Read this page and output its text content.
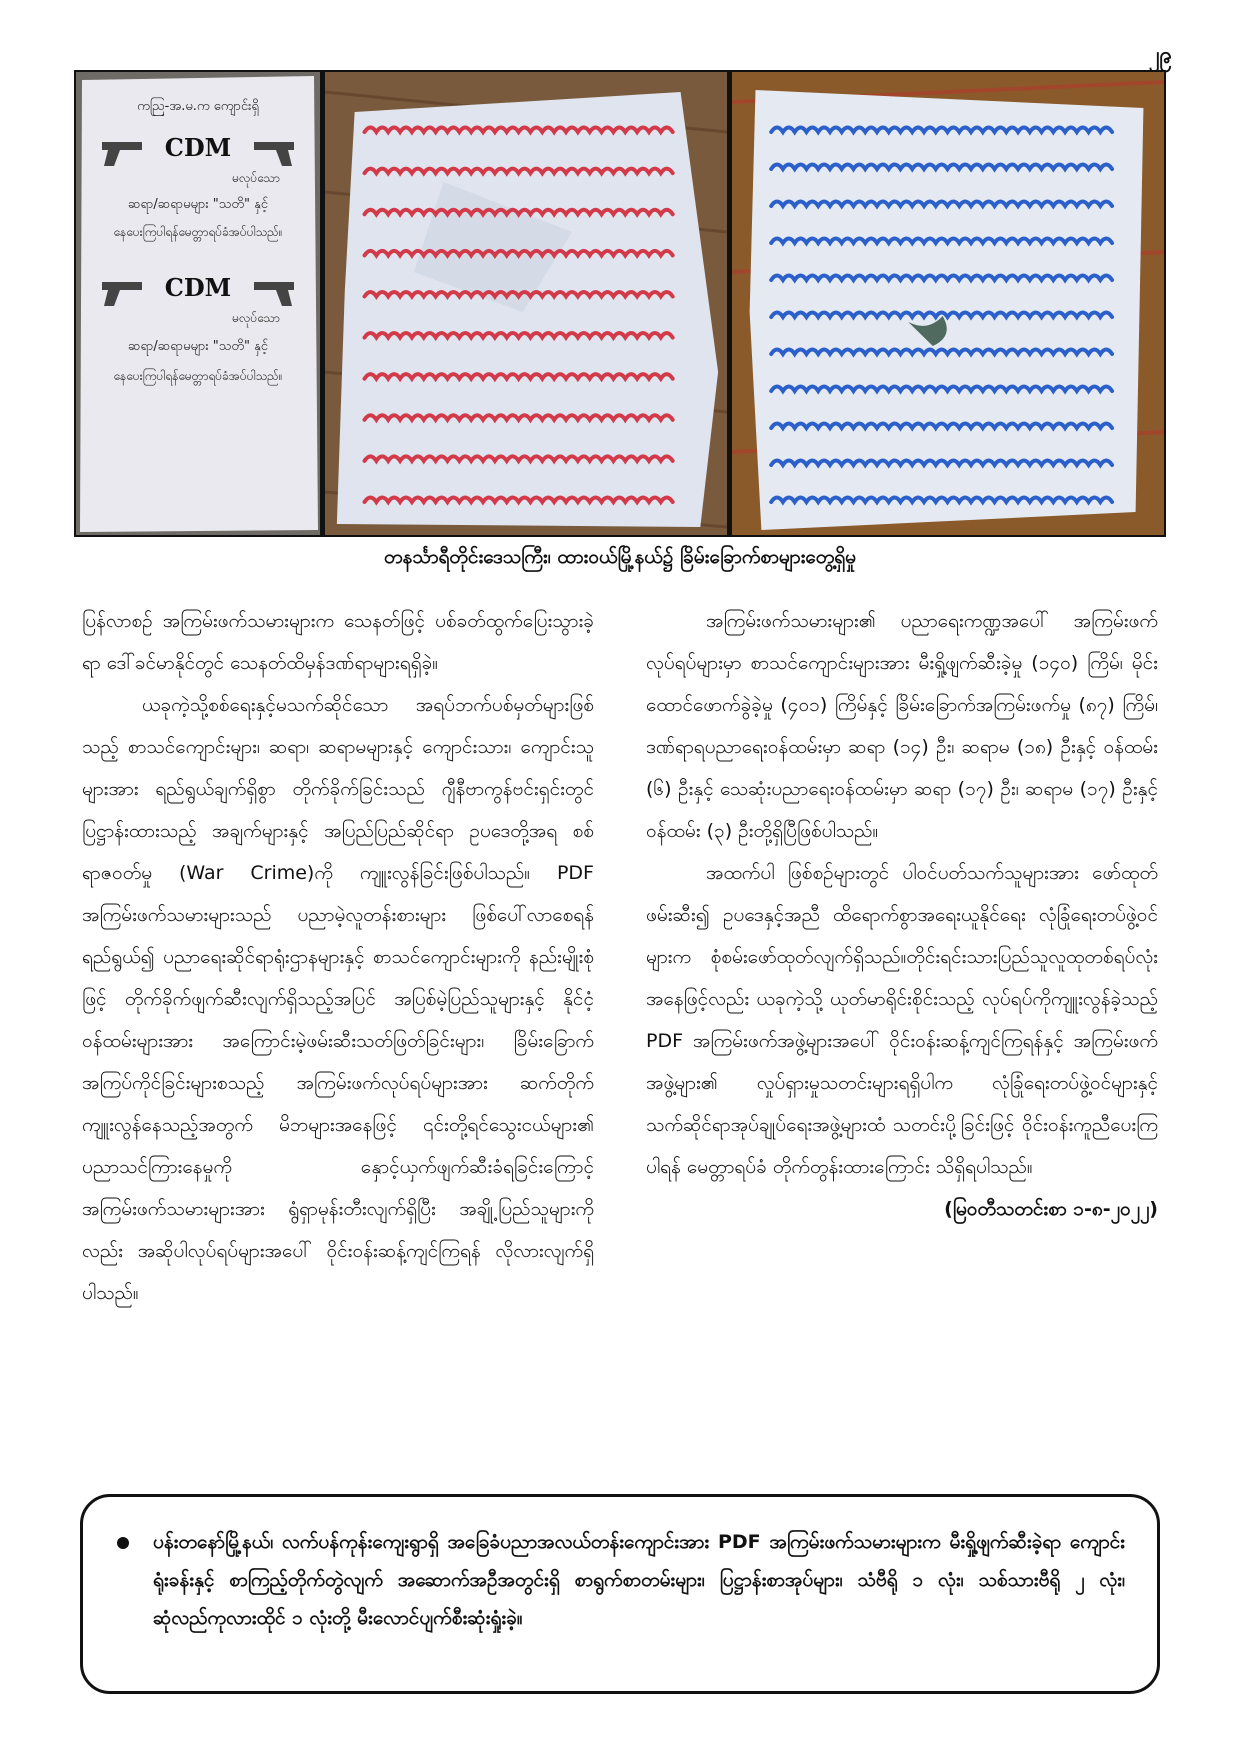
၂၉
ကညြ-အ.မ.က ကျောင်းရှိ
CDM
မလုပ်သော
ဆရာ/ဆရာမများ "သတိ" နှင့်
နေပေးကြပါရန်မေတ္တာရပ်ခံအပ်ပါသည်။
CDM
မလုပ်သော
ဆရာ/ဆရာမများ "သတိ" နှင့်
နေပေးကြပါရန်မေတ္တာရပ်ခံအပ်ပါသည်။
တနင်္သာရီတိုင်းဒေသကြီး၊ ထားဝယ်မြို့နယ်၌ ခြိမ်းခြောက်စာများတွေ့ရှိမှု

ပြန်လာစဉ် အကြမ်းဖက်သမားများက သေနတ်ဖြင့် ပစ်ခတ်ထွက်ပြေးသွားခဲ့ရာ ဒေါ်ခင်မာနိုင်တွင် သေနတ်ထိမှန်ဒဏ်ရာများရရှိခဲ့။

ယခုကဲ့သို့စစ်ရေးနှင့်မသက်ဆိုင်သော အရပ်ဘက်ပစ်မှတ်များဖြစ်သည့် စာသင်ကျောင်းများ၊ ဆရာ၊ ဆရာမများနှင့် ကျောင်းသား၊ ကျောင်းသူများအား ရည်ရွယ်ချက်ရှိစွာ တိုက်ခိုက်ခြင်းသည် ဂျီနီဗာကွန်ဗင်းရှင်းတွင် ပြဋ္ဌာန်းထားသည့် အချက်များနှင့် အပြည်ပြည်ဆိုင်ရာ ဥပဒေတို့အရ စစ်ရာဇဝတ်မှု (War Crime)ကို ကျူးလွန်ခြင်းဖြစ်ပါသည်။ PDF အကြမ်းဖက်သမားများသည် ပညာမဲ့လူတန်းစားများ ဖြစ်ပေါ်လာစေရန် ရည်ရွယ်၍ ပညာရေးဆိုင်ရာရုံးဌာနများနှင့် စာသင်ကျောင်းများကို နည်းမျိုးစုံဖြင့် တိုက်ခိုက်ဖျက်ဆီးလျက်ရှိသည့်အပြင် အပြစ်မဲ့ပြည်သူများနှင့် နိုင်ငံ့ဝန်ထမ်းများအား အကြောင်းမဲ့ဖမ်းဆီးသတ်ဖြတ်ခြင်းများ၊ ခြိမ်းခြောက်အကြပ်ကိုင်ခြင်းများစသည့် အကြမ်းဖက်လုပ်ရပ်များအား ဆက်တိုက်ကျူးလွန်နေသည့်အတွက် မိဘများအနေဖြင့် ၎င်းတို့ရင်သွေးငယ်များ၏ ပညာသင်ကြားနေမှုကို နှောင့်ယှက်ဖျက်ဆီးခံရခြင်းကြောင့် အကြမ်းဖက်သမားများအား ရွံရှာမုန်းတီးလျက်ရှိပြီး အချို့ပြည်သူများကိုလည်း အဆိုပါလုပ်ရပ်များအပေါ် ဝိုင်းဝန်းဆန့်ကျင်ကြရန် လိုလားလျက်ရှိပါသည်။

အကြမ်းဖက်သမားများ၏ ပညာရေးကဏ္ဍအပေါ် အကြမ်းဖက်လုပ်ရပ်များမှာ စာသင်ကျောင်းများအား မီးရှို့ဖျက်ဆီးခဲ့မှု (၁၄၀) ကြိမ်၊ မိုင်းထောင်ဖောက်ခွဲခဲ့မှု (၄၀၁) ကြိမ်နှင့် ခြိမ်းခြောက်အကြမ်းဖက်မှု (၈၇) ကြိမ်၊ ဒဏ်ရာရပညာရေးဝန်ထမ်းမှာ ဆရာ (၁၄) ဦး၊ ဆရာမ (၁၈) ဦးနှင့် ဝန်ထမ်း (၆) ဦးနှင့် သေဆုံးပညာရေးဝန်ထမ်းမှာ ဆရာ (၁၇) ဦး၊ ဆရာမ (၁၇) ဦးနှင့် ဝန်ထမ်း (၃) ဦးတို့ရှိပြီဖြစ်ပါသည်။

အထက်ပါ ဖြစ်စဉ်များတွင် ပါဝင်ပတ်သက်သူများအား ဖော်ထုတ်ဖမ်းဆီး၍ ဥပဒေနှင့်အညီ ထိရောက်စွာအရေးယူနိုင်ရေး လုံခြုံရေးတပ်ဖွဲ့ဝင်များက စုံစမ်းဖော်ထုတ်လျက်ရှိသည်။တိုင်းရင်းသားပြည်သူလူထုတစ်ရပ်လုံးအနေဖြင့်လည်း ယခုကဲ့သို့ ယုတ်မာရိုင်းစိုင်းသည့် လုပ်ရပ်ကိုကျူးလွန်ခဲ့သည့် PDF အကြမ်းဖက်အဖွဲ့များအပေါ် ဝိုင်းဝန်းဆန့်ကျင်ကြရန်နှင့် အကြမ်းဖက်အဖွဲ့များ၏ လှုပ်ရှားမှုသတင်းများရရှိပါက လုံခြုံရေးတပ်ဖွဲ့ဝင်များနှင့် သက်ဆိုင်ရာအုပ်ချုပ်ရေးအဖွဲ့များထံ သတင်းပို့ခြင်းဖြင့် ဝိုင်းဝန်းကူညီပေးကြပါရန် မေတ္တာရပ်ခံ တိုက်တွန်းထားကြောင်း သိရှိရပါသည်။

(မြဝတီသတင်းစာ ၁-၈-၂၀၂၂)

ပန်းတနော်မြို့နယ်၊ လက်ပန်ကုန်းကျေးရွာရှိ အခြေခံပညာအလယ်တန်းကျောင်းအား PDF အကြမ်းဖက်သမားများက မီးရှို့ဖျက်ဆီးခဲ့ရာ ကျောင်းရုံးခန်းနှင့် စာကြည့်တိုက်တွဲလျက် အဆောက်အဦအတွင်းရှိ စာရွက်စာတမ်းများ၊ ပြဋ္ဌာန်းစာအုပ်များ၊ သံဗီရို ၁ လုံး၊ သစ်သားဗီရို ၂ လုံး၊ ဆုံလည်ကုလားထိုင် ၁ လုံးတို့ မီးလောင်ပျက်စီးဆုံးရှုံးခဲ့။
